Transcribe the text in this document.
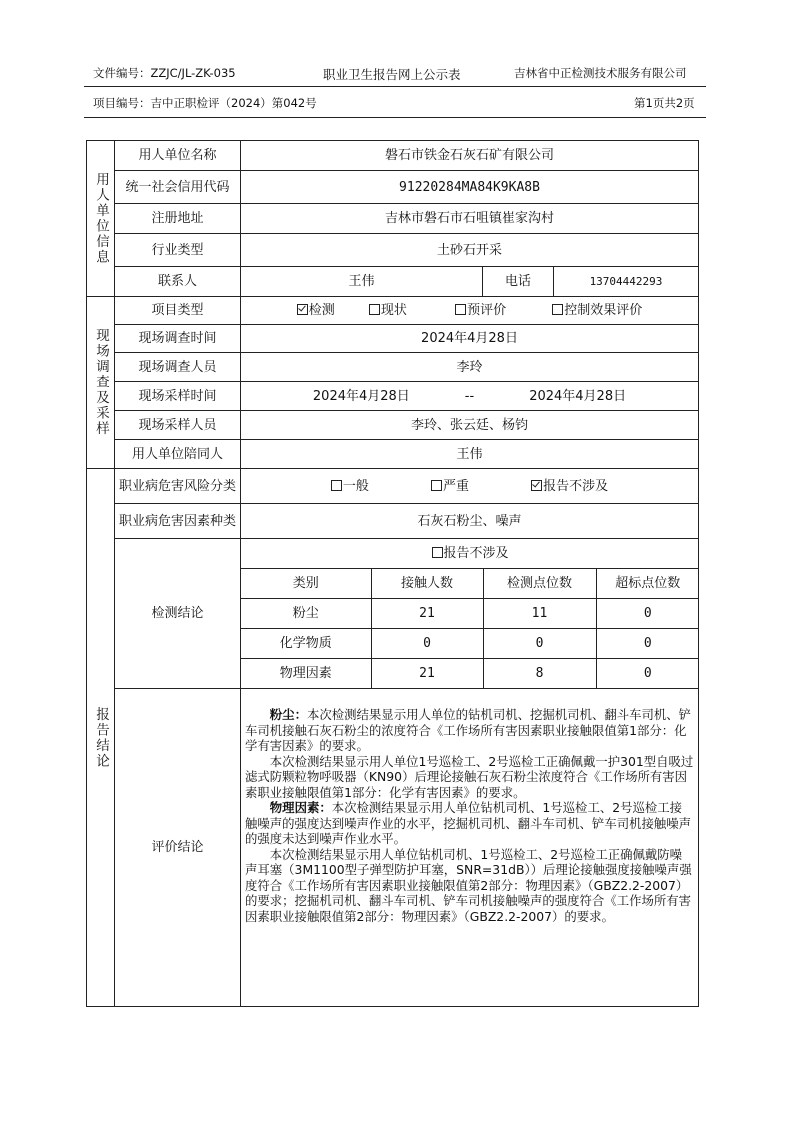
文件编号：ZZJC/JL-ZK-035	职业卫生报告网上公示表	吉林省中正检测技术服务有限公司
项目编号：吉中正职检评（2024）第042号	第1页共2页
用人单位信息
	用人单位名称	磐石市铁金石灰石矿有限公司
统一社会信用代码	91220284MA84K9KA8B
注册地址	吉林市磐石市石咀镇崔家沟村
行业类型	土砂石开采
联系人	王伟	电话	13704442293

现场调查及采样
	项目类型	检测	现状	预评价	控制效果评价
现场调查时间	2024年4月28日
现场调查人员	李玲
现场采样时间	2024年4月28日	--	2024年4月28日
现场采样人员	李玲、张云廷、杨钧
用人单位陪同人	王伟

报告结论
	职业病危害风险分类	一般	严重	报告不涉及
职业病危害因素种类	石灰石粉尘、噪声
检测结论	
报告不涉及
类别	接触人数	检测点位数	超标点位数
粉尘	21	11	0
化学物质	0	0	0
物理因素	21	8	0

评价结论	

粉尘：本次检测结果显示用人单位的钻机司机、挖掘机司机、翻斗车司机、铲车司机接触石灰石粉尘的浓度符合《工作场所有害因素职业接触限值第1部分：化学有害因素》的要求。

本次检测结果显示用人单位1号巡检工、2号巡检工正确佩戴一护301型自吸过滤式防颗粒物呼吸器（KN90）后理论接触石灰石粉尘浓度符合《工作场所有害因素职业接触限值第1部分：化学有害因素》的要求。

物理因素：本次检测结果显示用人单位钻机司机、1号巡检工、2号巡检工接触噪声的强度达到噪声作业的水平，挖掘机司机、翻斗车司机、铲车司机接触噪声的强度未达到噪声作业水平。

本次检测结果显示用人单位钻机司机、1号巡检工、2号巡检工正确佩戴防噪声耳塞（3M1100型子弹型防护耳塞，SNR=31dB））后理论接触强度接触噪声强度符合《工作场所有害因素职业接触限值第2部分：物理因素》（GBZ2.2-2007）的要求；挖掘机司机、翻斗车司机、铲车司机接触噪声的强度符合《工作场所有害因素职业接触限值第2部分：物理因素》（GBZ2.2-2007）的要求。
